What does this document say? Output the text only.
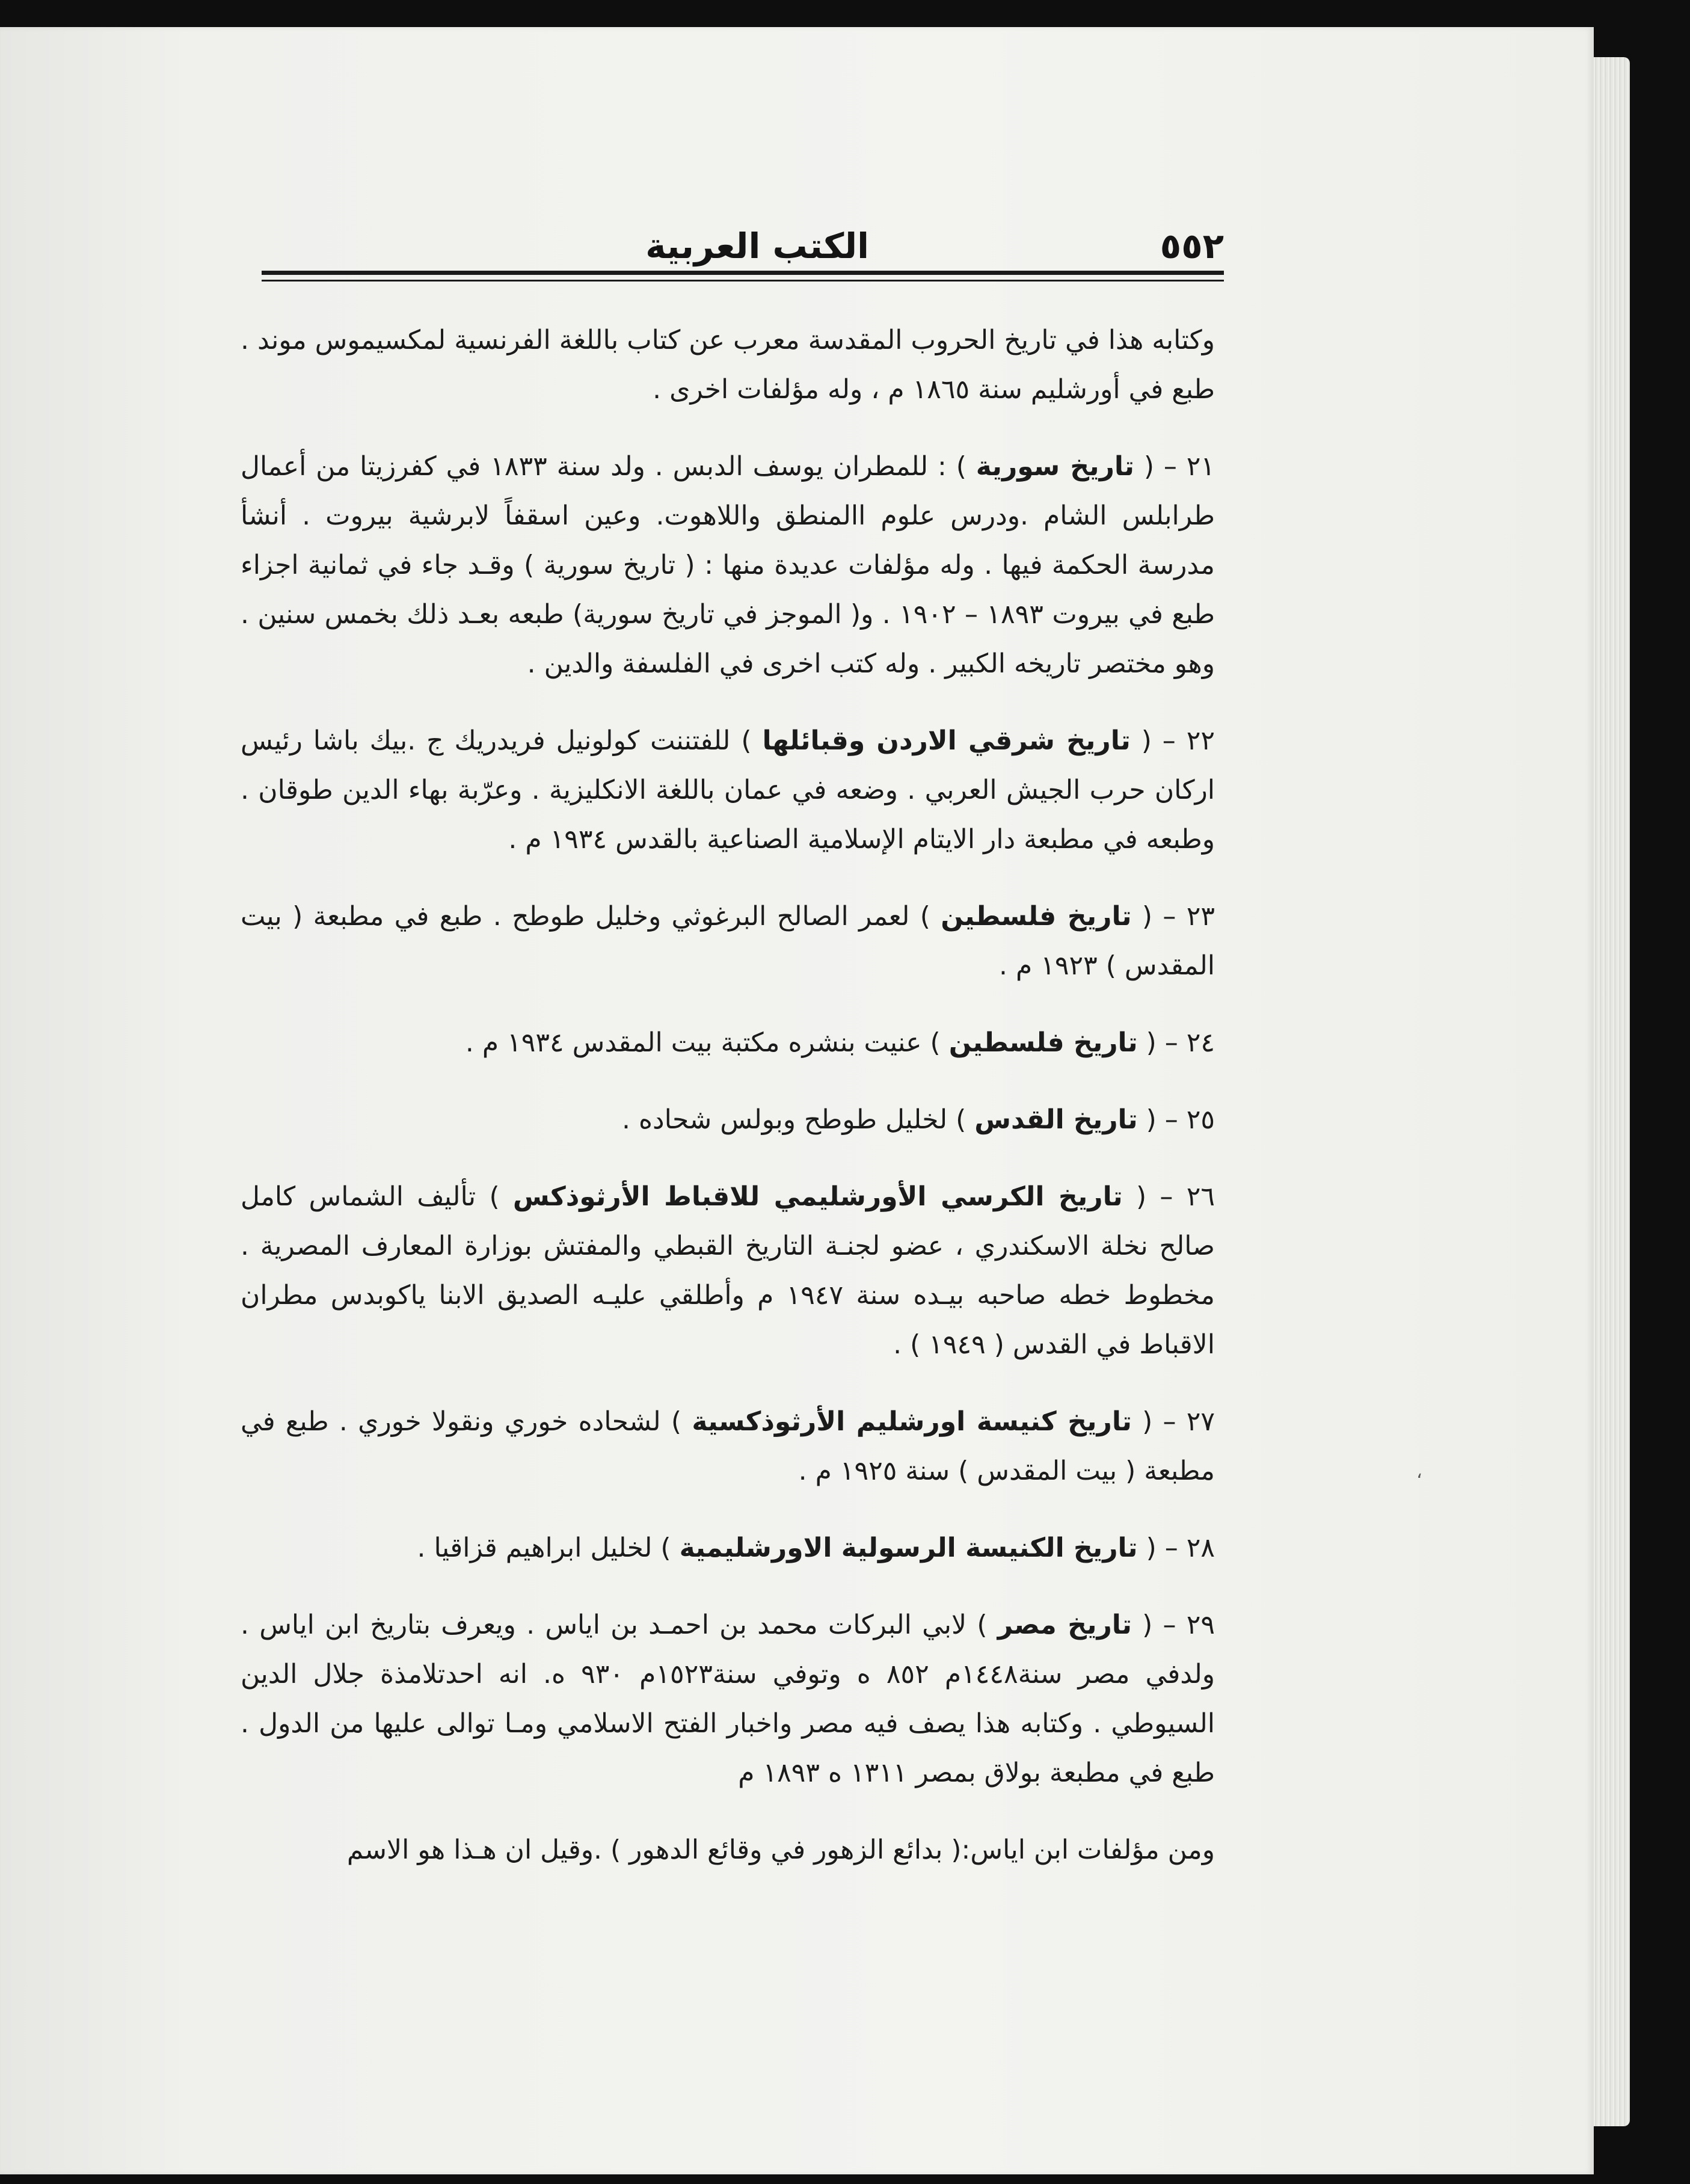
٥٥٢
الكتب العربية

وكتابه هذا في تاريخ الحروب المقدسة معرب عن كتاب باللغة الفرنسية لمكسيموس موند . طبع في أورشليم سنة ١٨٦٥ م ، وله مؤلفات اخرى .

٢١ – ( تاريخ سورية ) : للمطران يوسف الدبس . ولد سنة ١٨٣٣ في كفرزيتا من أعمال طرابلس الشام .ودرس علوم االمنطق واللاهوت. وعين اسقفاً لابرشية بيروت . أنشأ مدرسة الحكمة فيها . وله مؤلفات عديدة منها : ( تاريخ سورية ) وقـد جاء في ثمانية اجزاء طبع في بيروت ١٨٩٣ – ١٩٠٢ . و( الموجز في تاريخ سورية) طبعه بعـد ذلك بخمس سنين . وهو مختصر تاريخه الكبير . وله كتب اخرى في الفلسفة والدين .

٢٢ – ( تاريخ شرقي الاردن وقبائلها ) للفتننت كولونيل فريدريك ج .بيك باشا رئيس اركان حرب الجيش العربي . وضعه في عمان باللغة الانكليزية . وعرّبة بهاء الدين طوقان . وطبعه في مطبعة دار الايتام الإسلامية الصناعية بالقدس ١٩٣٤ م .

٢٣ – ( تاريخ فلسطين ) لعمر الصالح البرغوثي وخليل طوطح . طبع في مطبعة ( بيت المقدس ) ١٩٢٣ م .

٢٤ – ( تاريخ فلسطين ) عنيت بنشره مكتبة بيت المقدس ١٩٣٤ م .

٢٥ – ( تاريخ القدس ) لخليل طوطح وبولس شحاده .

٢٦ – ( تاريخ الكرسي الأورشليمي للاقباط الأرثوذكس ) تأليف الشماس كامل صالح نخلة الاسكندري ، عضو لجنـة التاريخ القبطي والمفتش بوزارة المعارف المصرية . مخطوط خطه صاحبه بيـده سنة ١٩٤٧ م وأطلقي عليـه الصديق الابنا ياكوبدس مطران الاقباط في القدس ( ١٩٤٩ ) .

٢٧ – ( تاريخ كنيسة اورشليم الأرثوذكسية ) لشحاده خوري ونقولا خوري . طبع في مطبعة ( بيت المقدس ) سنة ١٩٢٥ م .

٢٨ – ( تاريخ الكنيسة الرسولية الاورشليمية ) لخليل ابراهيم قزاقيا .

٢٩ – ( تاريخ مصر ) لابي البركات محمد بن احمـد بن اياس . ويعرف بتاريخ ابن اياس . ولدفي مصر سنة١٤٤٨م ٨٥٢ ه وتوفي سنة١٥٢٣م ٩٣٠ ه. انه احدتلامذة جلال الدين السيوطي . وكتابه هذا يصف فيه مصر واخبار الفتح الاسلامي ومـا توالى عليها من الدول . طبع في مطبعة بولاق بمصر ١٣١١ ه ١٨٩٣ م

ومن مؤلفات ابن اياس:( بدائع الزهور في وقائع الدهور ) .وقيل ان هـذا هو الاسم

،
